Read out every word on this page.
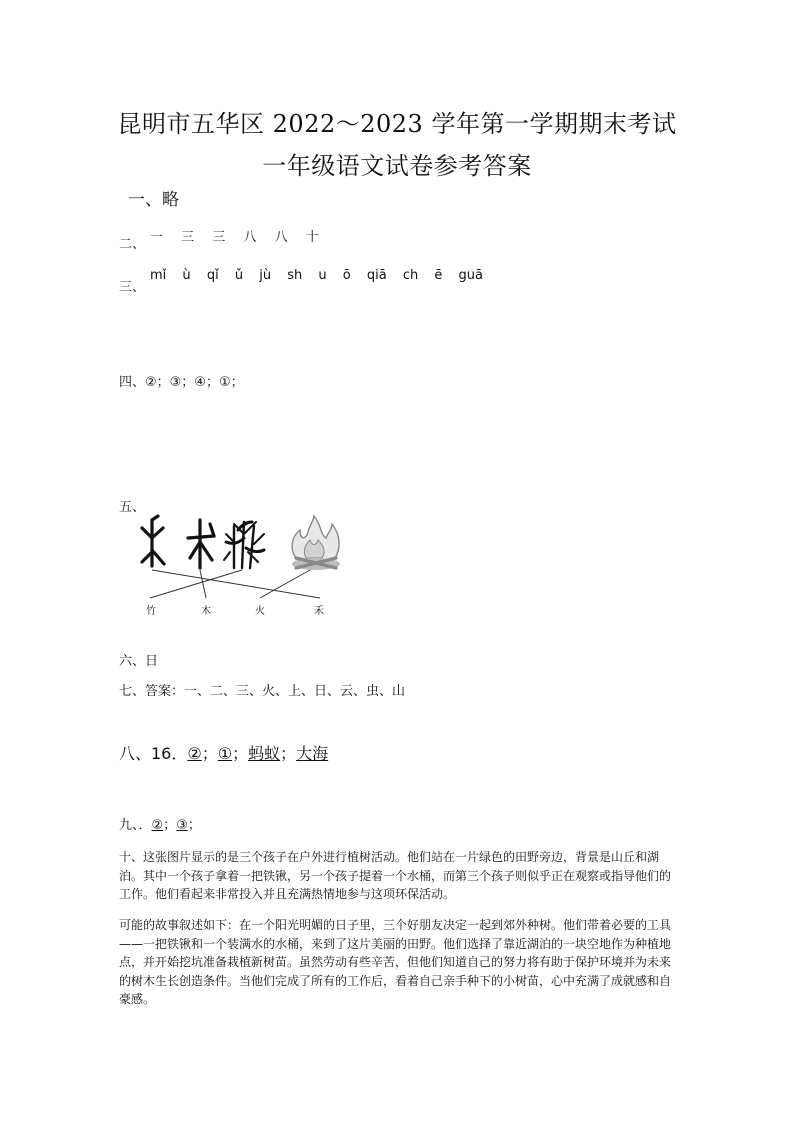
昆明市五华区 2022～2023 学年第一学期期末考试
一年级语文试卷参考答案
一、略
二、 一 三 三 八 八 十
三、
mǐ ù qǐ ǔ jù sh u ō qiā ch ē guā
四、②；③；④；①；
五、
竹	木	火	禾
六、日
七、答案：一、二、三、火、上、日、云、虫、山
八、16．②；①；蚂蚁；大海
九、．②；③；
十、这张图片显示的是三个孩子在户外进行植树活动。他们站在一片绿色的田野旁边，背景是山丘和湖泊。其中一个孩子拿着一把铁锹，另一个孩子提着一个水桶，而第三个孩子则似乎正在观察或指导他们的工作。他们看起来非常投入并且充满热情地参与这项环保活动。
可能的故事叙述如下：在一个阳光明媚的日子里，三个好朋友决定一起到郊外种树。他们带着必要的工具——一把铁锹和一个装满水的水桶，来到了这片美丽的田野。他们选择了靠近湖泊的一块空地作为种植地点，并开始挖坑准备栽植新树苗。虽然劳动有些辛苦，但他们知道自己的努力将有助于保护环境并为未来的树木生长创造条件。当他们完成了所有的工作后，看着自己亲手种下的小树苗，心中充满了成就感和自豪感。
